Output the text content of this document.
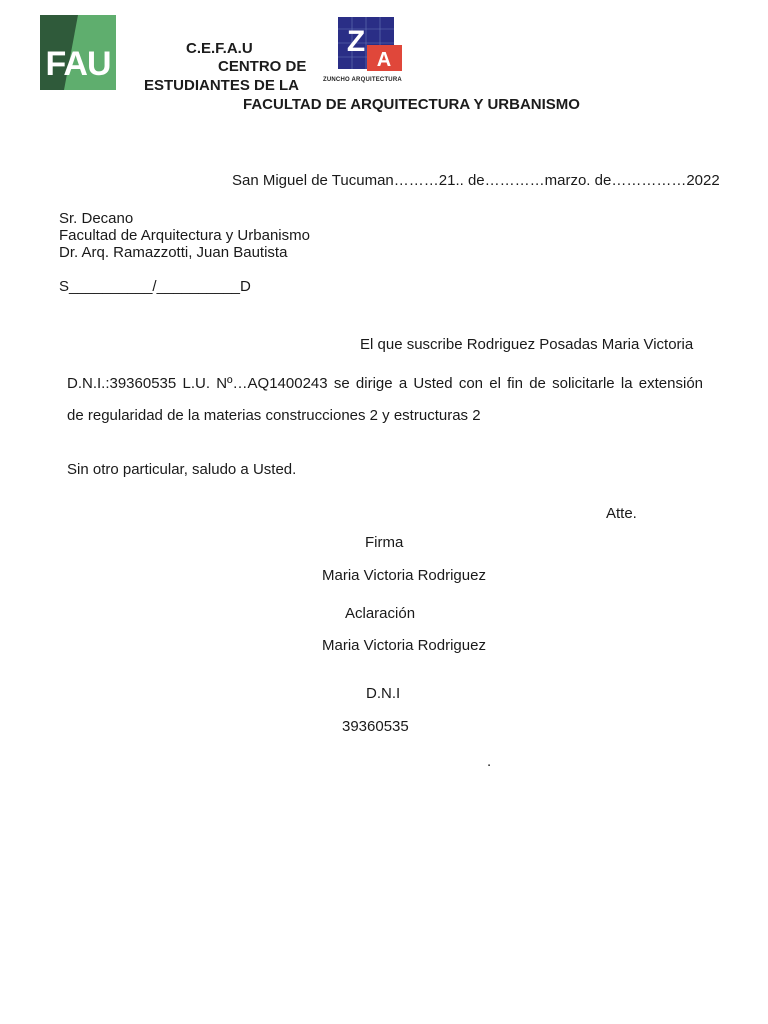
FAU	C.E.F.A.U
CENTRO DE
ESTUDIANTES DE LA
FACULTAD DE ARQUITECTURA Y URBANISMO
Z
A
ZUNCHO ARQUITECTURA
San Miguel de Tucuman………21.. de…………marzo. de……………2022
Sr. Decano
Facultad de Arquitectura y Urbanismo
Dr. Arq. Ramazzotti, Juan Bautista
S__________/__________D
El que suscribe Rodriguez Posadas Maria Victoria
D.N.I.:39360535 L.U. Nº…AQ1400243 se dirige a Usted con el fin de solicitarle la extensión
de regularidad de la materias construcciones 2 y estructuras 2
Sin otro particular, saludo a Usted.
Atte.
Firma
Maria Victoria Rodriguez
Aclaración
Maria Victoria Rodriguez
D.N.I
39360535
.
